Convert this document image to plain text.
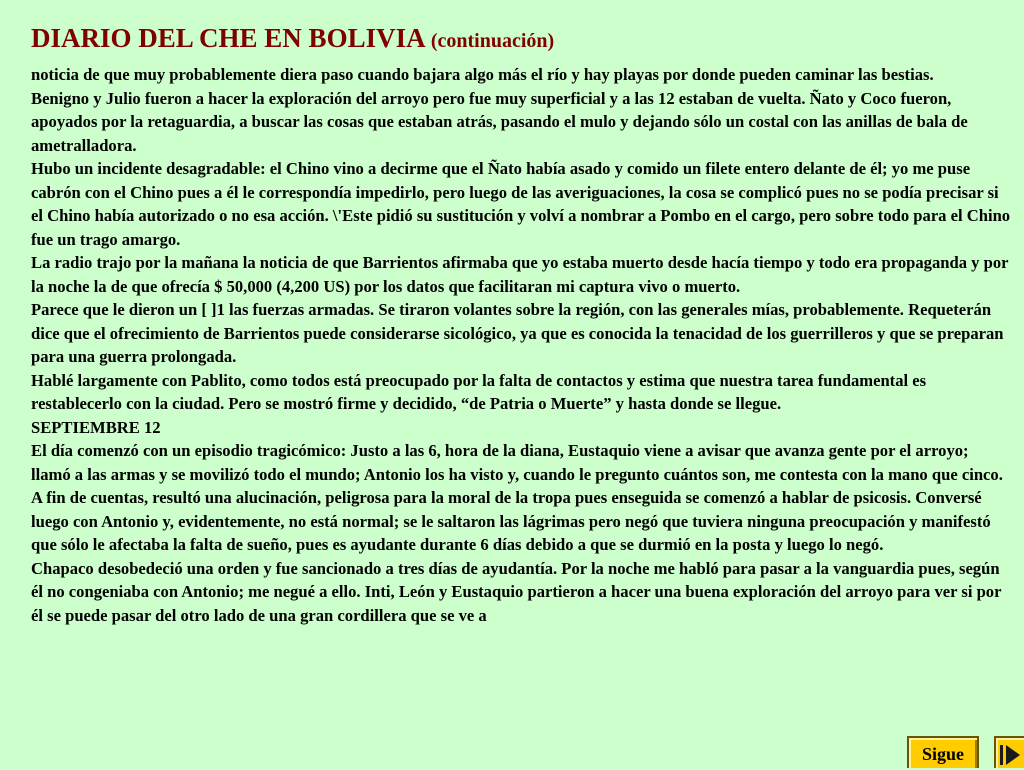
DIARIO DEL CHE EN BOLIVIA (continuación)

noticia de que muy probablemente diera paso cuando bajara algo más el río y hay playas por donde pueden caminar las bestias.

Benigno y Julio fueron a hacer la exploración del arroyo pero fue muy superficial y a las 12 estaban de vuelta. Ñato y Coco fueron, apoyados por la retaguardia, a buscar las cosas que estaban atrás, pasando el mulo y dejando sólo un costal con las anillas de bala de ametralladora.

Hubo un incidente desagradable: el Chino vino a decirme que el Ñato había asado y comido un filete entero delante de él; yo me puse cabrón con el Chino pues a él le correspondía impedirlo, pero luego de las averiguaciones, la cosa se complicó pues no se podía precisar si el Chino había autorizado o no esa acción. \'Este pidió su sustitución y volví a nombrar a Pombo en el cargo, pero sobre todo para el Chino fue un trago amargo.

La radio trajo por la mañana la noticia de que Barrientos afirmaba que yo estaba muerto desde hacía tiempo y todo era propaganda y por la noche la de que ofrecía $ 50,000 (4,200 US) por los datos que facilitaran mi captura vivo o muerto.

Parece que le dieron un [ ]1 las fuerzas armadas. Se tiraron volantes sobre la región, con las generales mías, probablemente. Requeterán dice que el ofrecimiento de Barrientos puede considerarse sicológico, ya que es conocida la tenacidad de los guerrilleros y que se preparan para una guerra prolongada.

Hablé largamente con Pablito, como todos está preocupado por la falta de contactos y estima que nuestra tarea fundamental es restablecerlo con la ciudad. Pero se mostró firme y decidido, “de Patria o Muerte” y hasta donde se llegue.

SEPTIEMBRE 12

El día comenzó con un episodio tragicómico: Justo a las 6, hora de la diana, Eustaquio viene a avisar que avanza gente por el arroyo; llamó a las armas y se movilizó todo el mundo; Antonio los ha visto y, cuando le pregunto cuántos son, me contesta con la mano que cinco. A fin de cuentas, resultó una alucinación, peligrosa para la moral de la tropa pues enseguida se comenzó a hablar de psicosis. Conversé luego con Antonio y, evidentemente, no está normal; se le saltaron las lágrimas pero negó que tuviera ninguna preocupación y manifestó que sólo le afectaba la falta de sueño, pues es ayudante durante 6 días debido a que se durmió en la posta y luego lo negó.

Chapaco desobedeció una orden y fue sancionado a tres días de ayudantía. Por la noche me habló para pasar a la vanguardia pues, según él no congeniaba con Antonio; me negué a ello. Inti, León y Eustaquio partieron a hacer una buena exploración del arroyo para ver si por él se puede pasar del otro lado de una gran cordillera que se ve a

Sigue
